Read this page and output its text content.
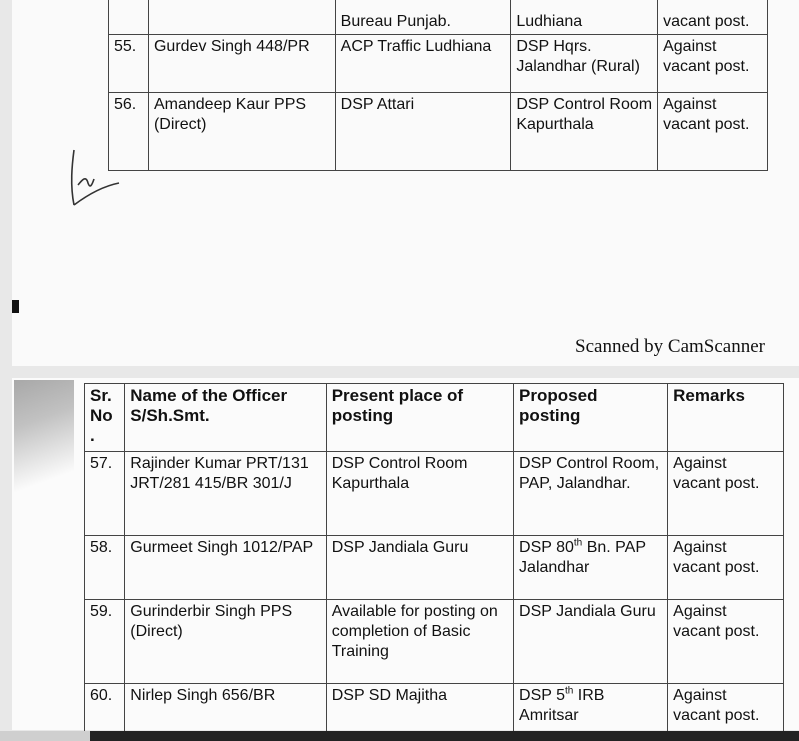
		Bureau Punjab.	Ludhiana	vacant post.
55.	Gurdev Singh 448/PR	ACP Traffic Ludhiana	DSP Hqrs. Jalandhar (Rural)	Against vacant post.
56.	Amandeep Kaur PPS (Direct)	DSP Attari	DSP Control Room Kapurthala	Against vacant post.
Scanned by CamScanner
Sr. No .	Name of the Officer S/Sh.Smt.	Present place of posting	Proposed posting	Remarks
57.	Rajinder Kumar PRT/131 JRT/281 415/BR 301/J	DSP Control Room Kapurthala	DSP Control Room, PAP, Jalandhar.	Against vacant post.
58.	Gurmeet Singh 1012/PAP	DSP Jandiala Guru	DSP 80th Bn. PAP Jalandhar	Against vacant post.
59.	Gurinderbir Singh PPS (Direct)	Available for posting on completion of Basic Training	DSP Jandiala Guru	Against vacant post.
60.	Nirlep Singh 656/BR	DSP SD Majitha	DSP 5th IRB Amritsar	Against vacant post.
